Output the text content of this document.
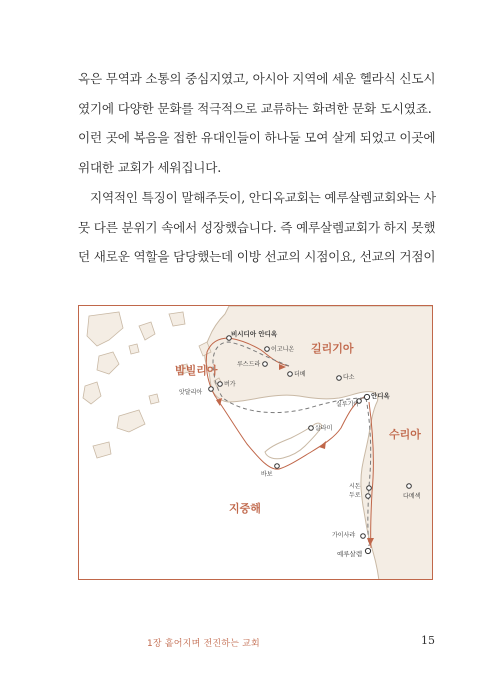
옥은 무역과 소통의 중심지였고, 아시아 지역에 세운 헬라식 신도시
였기에 다양한 문화를 적극적으로 교류하는 화려한 문화 도시였죠.
이런 곳에 복음을 접한 유대인들이 하나둘 모여 살게 되었고 이곳에
위대한 교회가 세워집니다.
지역적인 특징이 말해주듯이, 안디옥교회는 예루살렘교회와는 사
뭇 다른 분위기 속에서 성장했습니다. 즉 예루살렘교회가 하지 못했
던 새로운 역할을 담당했는데 이방 선교의 시점이요, 선교의 거점이
길리기아
밤빌리아
수리아
지중해
비시디아 안디옥
이고니온
루스드라
더베
앗달리아
버가
다소
안디옥
실루기아
살라미
바보
시돈
두로	다메섹
가이사랴
예루살렘
1장 흩어지며 전진하는 교회	15
